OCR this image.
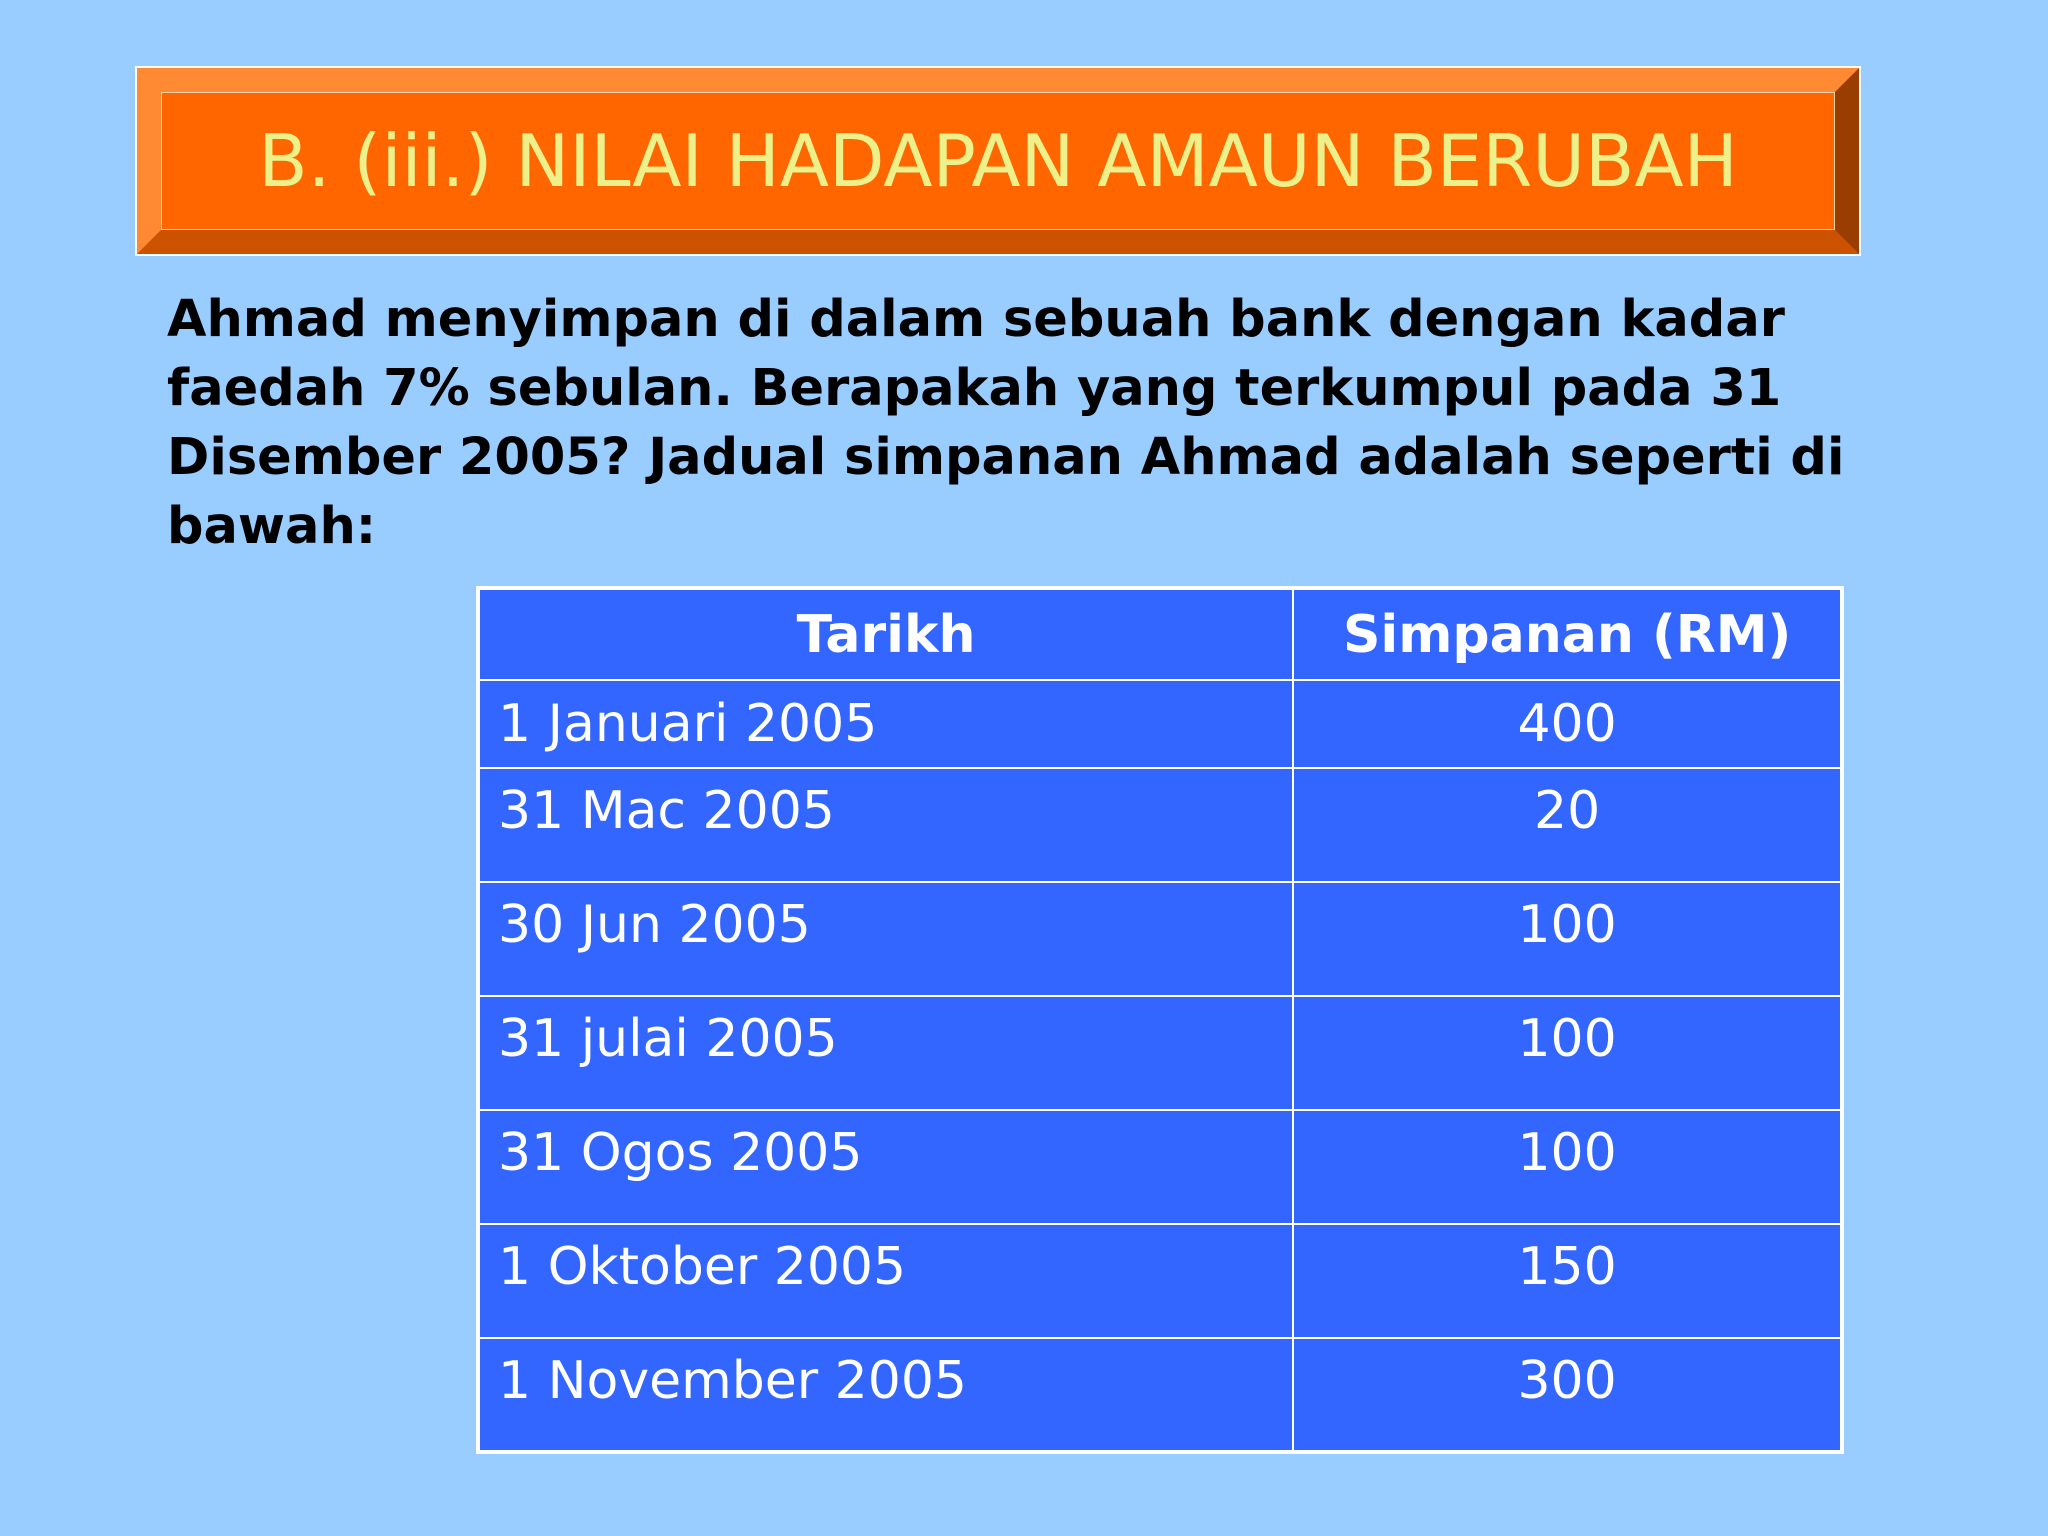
B. (iii.) NILAI HADAPAN AMAUN BERUBAH

Ahmad menyimpan di dalam sebuah bank dengan kadar faedah 7% sebulan. Berapakah yang terkumpul pada 31 Disember 2005? Jadual simpanan Ahmad adalah seperti di bawah:

Tarikh	Simpanan (RM)
1 Januari 2005	400
31 Mac 2005	20
30 Jun 2005	100
31 julai 2005	100
31 Ogos 2005	100
1 Oktober 2005	150
1 November 2005	300
